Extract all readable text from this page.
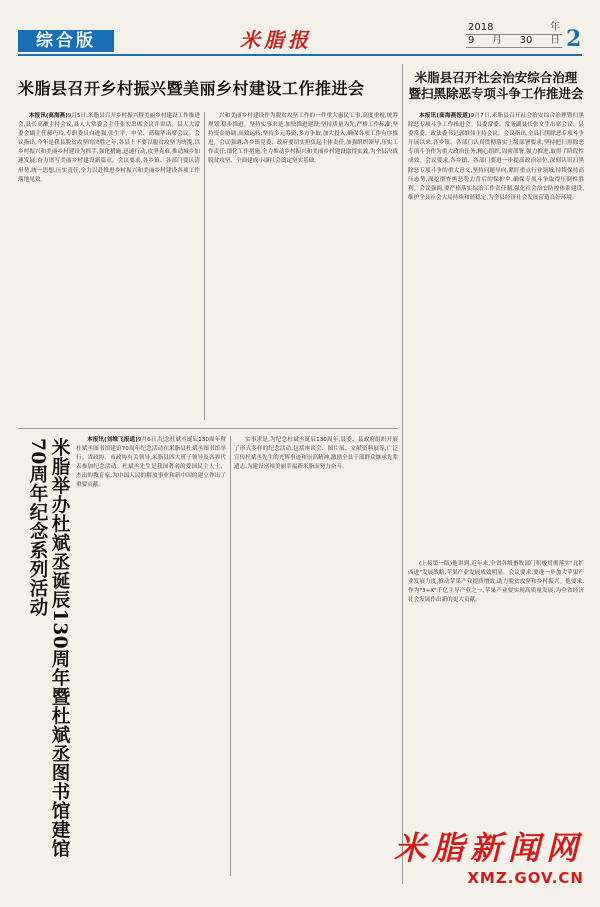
综合版	米脂报
2018	年
9 月 30 日 2
米脂县召开乡村振兴暨美丽乡村建设工作推进会

本报讯(高海燕)9月5日,米脂县召开乡村振兴暨美丽乡村建设工作推进会,县长高漱主持会议,县人大常委会主任张宏出席会议并讲话。县人大常委会副主任郝巧玲,专职委员白进强,张生平、申荣、高瑞华出席会议。会议指出,今年是我县脱贫攻坚的决胜之年,各县上下要以脱贫攻坚为统揽,以乡村振兴和美丽乡村建设为抓手,强化措施,迅速行动,攻坚克难,推动城乡加速发展,奋力谱写美丽乡村建设新篇章。会议要求,各乡镇、各部门要认清形势,统一思想,压实责任,全力以赴推进乡村振兴和美丽乡村建设各项工作落地见效。

兴和美丽乡村建设作为脱贫攻坚工作的一件重大惠民工事,高度重视,统筹规划,稳步推进。坚持实事求是,加快推进建设;坚持质量为先,严格工作标准;坚持资金协调,高效运转;坚持多元筹资,多方争取,加大投入,确保各项工作有序推进。会议强调,各乡镇党委、政府要切实担负起主体责任,加强组织领导,压实工作责任,细化工作措施,全力推动乡村振兴和美丽乡村建设取得实效,为全县决战脱贫攻坚、全面建成小康社会奠定坚实基础。

米脂县召开社会治安综合治理
暨扫黑除恶专项斗争工作推进会

本报讯(高海燕报道)9月7日,米脂县召开社会治安综合治理暨扫黑除恶专项斗争工作推进会。县委常委、常务副县长张文生出席会议。县委常委、政法委书记郭维伟主持会议。会议指出,全县扫黑除恶专项斗争开展以来,各乡镇、各部门认真贯彻落实上级部署要求,坚持把扫黑除恶专项斗争作为重大政治任务,精心组织,周密部署,强力推进,取得了阶段性成效。会议要求,各乡镇、各部门要进一步提高政治站位,深刻认识扫黑除恶专项斗争的重大意义,坚持问题导向,紧盯重点行业领域,持续保持高压态势,深挖彻查黑恶势力背后的保护伞,确保专项斗争取得压倒性胜利。会议强调,要严格落实综治工作责任制,强化社会治安防控体系建设,维护全县社会大局持续和谐稳定,为全县经济社会发展营造良好环境。

米脂举办杜斌丞诞辰130周年暨杜斌丞图书馆建馆70周年纪念系列活动	本报讯(刘维飞报道)9月6日,纪念杜斌丞诞辰130周年暨杜斌丞图书馆建馆70周年纪念活动在米脂县杜斌丞图书馆举行。省政协、市政协有关领导,米脂县四大班子领导及各界代表参加纪念活动。杜斌丞先生是我国著名的爱国民主人士、杰出的教育家,为中国人民的解放事业和新中国的建立作出了重要贡献。

实事求是,为纪念杜斌丞诞辰130周年,县委、县政府组织开展了形式多样的纪念活动,包括座谈会、图片展、文献资料展等,广泛宣传杜斌丞先生的光辉事迹和崇高精神,激励全县干部群众继承先辈遗志,为建设富裕美丽幸福新米脂而努力奋斗。

(上接第一版)他讲到,近年来,全省各级畜牧部门积极贯彻落实"北扩西进"发展战略,苹果产业发展成效明显。会议要求,要进一步加大苹果产业发展力度,推动苹果产业提质增效,助力脱贫攻坚和乡村振兴。他要求,作为"3+X"千亿主导产业之一,苹果产业要实现高质量发展,为全省经济社会发展作出新的更大贡献。

米脂新闻网
XMZ.GOV.CN
